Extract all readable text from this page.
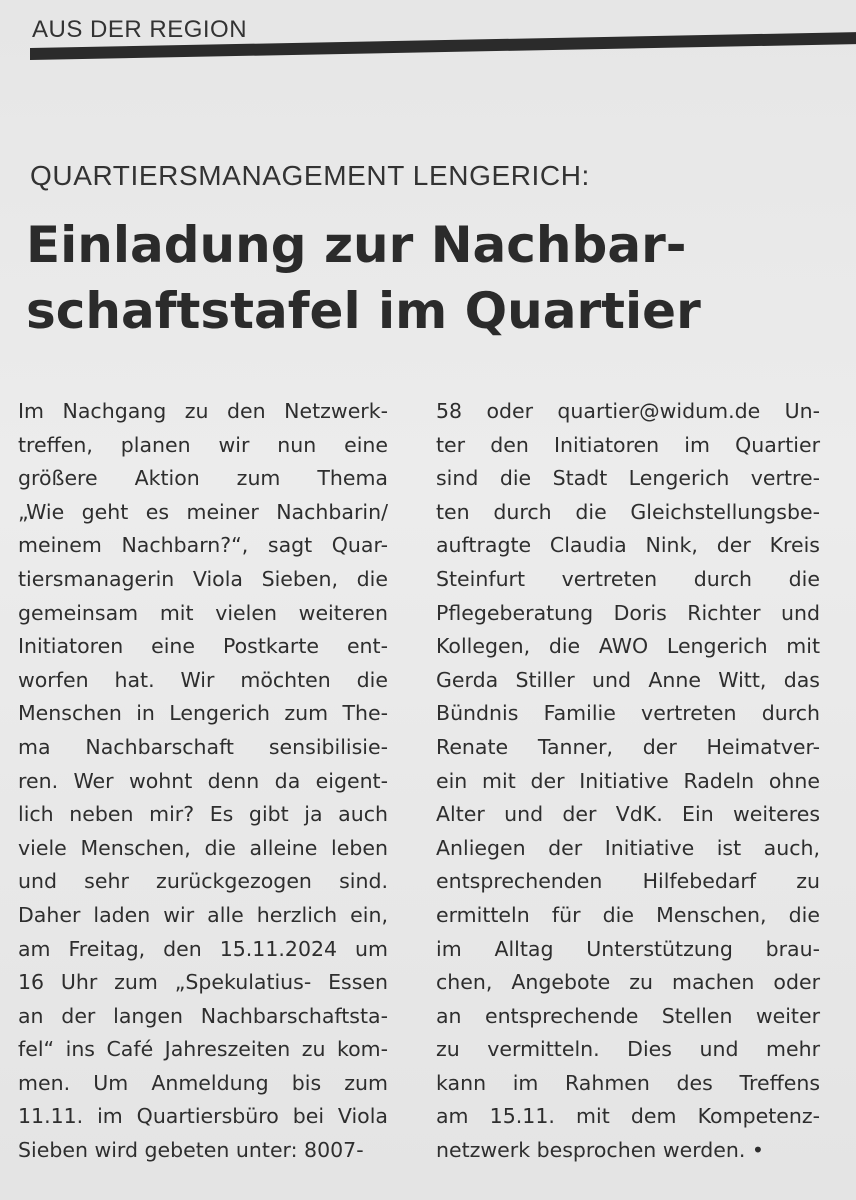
AUS DER REGION
QUARTIERSMANAGEMENT LENGERICH:
Einladung zur Nachbar-
schaftstafel im Quartier
Im Nachgang zu den Netzwerk-
treffen, planen wir nun eine
größere Aktion zum Thema
„Wie geht es meiner Nachbarin/
meinem Nachbarn?“, sagt Quar-
tiersmanagerin Viola Sieben, die
gemeinsam mit vielen weiteren
Initiatoren eine Postkarte ent-
worfen hat. Wir möchten die
Menschen in Lengerich zum The-
ma Nachbarschaft sensibilisie-
ren. Wer wohnt denn da eigent-
lich neben mir? Es gibt ja auch
viele Menschen, die alleine leben
und sehr zurückgezogen sind.
Daher laden wir alle herzlich ein,
am Freitag, den 15.11.2024 um
16 Uhr zum „Spekulatius- Essen
an der langen Nachbarschaftsta-
fel“ ins Café Jahreszeiten zu kom-
men. Um Anmeldung bis zum
11.11. im Quartiersbüro bei Viola
Sieben wird gebeten unter: 8007-
58 oder quartier@widum.de Un-
ter den Initiatoren im Quartier
sind die Stadt Lengerich vertre-
ten durch die Gleichstellungsbe-
auftragte Claudia Nink, der Kreis
Steinfurt vertreten durch die
Pflegeberatung Doris Richter und
Kollegen, die AWO Lengerich mit
Gerda Stiller und Anne Witt, das
Bündnis Familie vertreten durch
Renate Tanner, der Heimatver-
ein mit der Initiative Radeln ohne
Alter und der VdK. Ein weiteres
Anliegen der Initiative ist auch,
entsprechenden Hilfebedarf zu
ermitteln für die Menschen, die
im Alltag Unterstützung brau-
chen, Angebote zu machen oder
an entsprechende Stellen weiter
zu vermitteln. Dies und mehr
kann im Rahmen des Treffens
am 15.11. mit dem Kompetenz-
netzwerk besprochen werden. •
